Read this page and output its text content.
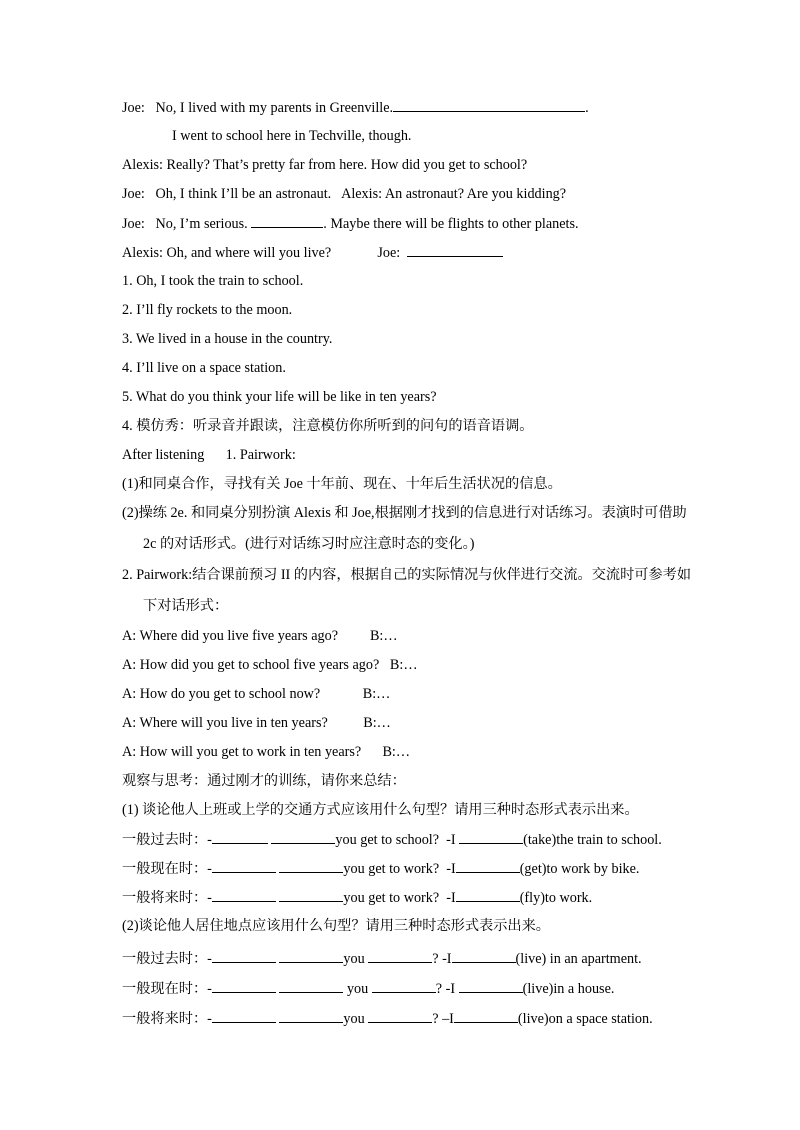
Joe:   No, I lived with my parents in Greenville.	.
I went to school here in Techville, though.
Alexis: Really? That’s pretty far from here. How did you get to school?
Joe:   Oh, I think I’ll be an astronaut.   Alexis: An astronaut? Are you kidding?
Joe:   No, I’m serious.	. Maybe there will be flights to other planets.
Alexis: Oh, and where will you live?             Joe:
1. Oh, I took the train to school.
2. I’ll fly rockets to the moon.
3. We lived in a house in the country.
4. I’ll live on a space station.
5. What do you think your life will be like in ten years?
4. 模仿秀：听录音并跟读，注意模仿你所听到的问句的语音语调。
After listening      1. Pairwork:
(1)和同桌合作，寻找有关 Joe 十年前、现在、十年后生活状况的信息。
(2)操练 2e. 和同桌分别扮演 Alexis 和 Joe,根据刚才找到的信息进行对话练习。表演时可借助
2c 的对话形式。(进行对话练习时应注意时态的变化。)
2. Pairwork:结合课前预习 II 的内容，根据自己的实际情况与伙伴进行交流。交流时可参考如
下对话形式：
A: Where did you live five years ago?         B:…
A: How did you get to school five years ago?   B:…
A: How do you get to school now?            B:…
A: Where will you live in ten years?          B:…
A: How will you get to work in ten years?      B:…
观察与思考：通过刚才的训练，请你来总结：
(1) 谈论他人上班或上学的交通方式应该用什么句型？请用三种时态形式表示出来。
一般过去时：-	you get to school?  -I	(take)the train to school.
一般现在时：-	you get to work?  -I	(get)to work by bike.
一般将来时：-	you get to work?  -I	(fly)to work.
(2)谈论他人居住地点应该用什么句型？请用三种时态形式表示出来。
一般过去时：-	you	? -I	(live) in an apartment.
一般现在时：-	you	? -I	(live)in a house.
一般将来时：-	you	? –I	(live)on a space station.
